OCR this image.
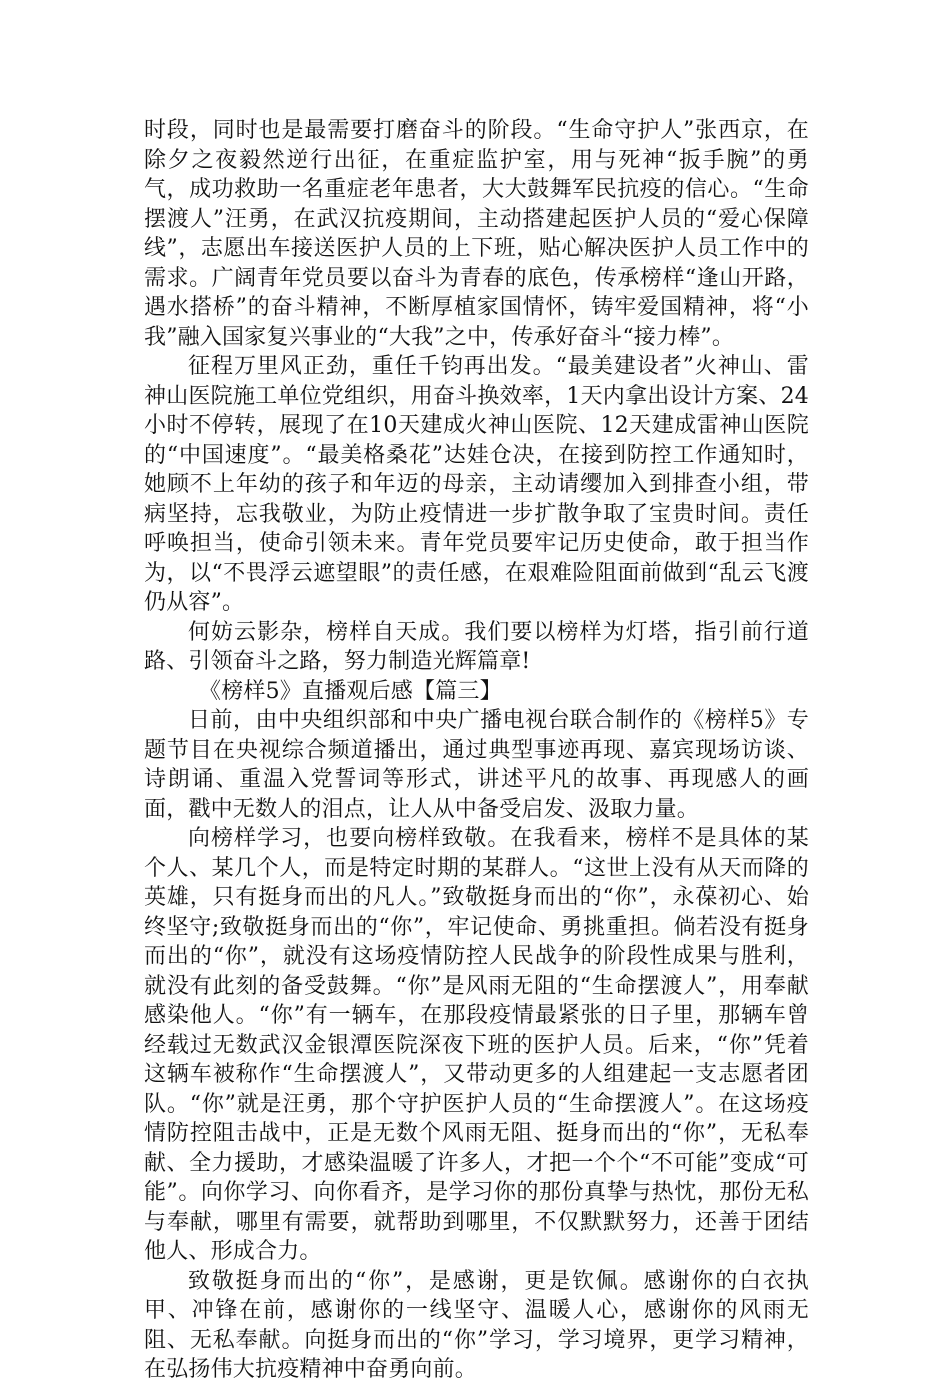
时段，同时也是最需要打磨奋斗的阶段。“生命守护人”张西京，在除夕之夜毅然逆行出征，在重症监护室，用与死神“扳手腕”的勇气，成功救助一名重症老年患者，大大鼓舞军民抗疫的信心。“生命摆渡人”汪勇，在武汉抗疫期间，主动搭建起医护人员的“爱心保障线”，志愿出车接送医护人员的上下班，贴心解决医护人员工作中的需求。广阔青年党员要以奋斗为青春的底色，传承榜样“逢山开路，遇水搭桥”的奋斗精神，不断厚植家国情怀，铸牢爱国精神，将“小我”融入国家复兴事业的“大我”之中，传承好奋斗“接力棒”。

征程万里风正劲，重任千钧再出发。“最美建设者”火神山、雷神山医院施工单位党组织，用奋斗换效率，1天内拿出设计方案、24小时不停转，展现了在10天建成火神山医院、12天建成雷神山医院的“中国速度”。“最美格桑花”达娃仓决，在接到防控工作通知时，她顾不上年幼的孩子和年迈的母亲，主动请缨加入到排查小组，带病坚持，忘我敬业，为防止疫情进一步扩散争取了宝贵时间。责任呼唤担当，使命引领未来。青年党员要牢记历史使命，敢于担当作为，以“不畏浮云遮望眼”的责任感，在艰难险阻面前做到“乱云飞渡仍从容”。

何妨云影杂，榜样自天成。我们要以榜样为灯塔，指引前行道路、引领奋斗之路，努力制造光辉篇章!

《榜样5》直播观后感【篇三】

日前，由中央组织部和中央广播电视台联合制作的《榜样5》专题节目在央视综合频道播出，通过典型事迹再现、嘉宾现场访谈、诗朗诵、重温入党誓词等形式，讲述平凡的故事、再现感人的画面，戳中无数人的泪点，让人从中备受启发、汲取力量。

向榜样学习，也要向榜样致敬。在我看来，榜样不是具体的某个人、某几个人，而是特定时期的某群人。“这世上没有从天而降的英雄，只有挺身而出的凡人。”致敬挺身而出的“你”，永葆初心、始终坚守;致敬挺身而出的“你”，牢记使命、勇挑重担。倘若没有挺身而出的“你”，就没有这场疫情防控人民战争的阶段性成果与胜利，就没有此刻的备受鼓舞。“你”是风雨无阻的“生命摆渡人”，用奉献感染他人。“你”有一辆车，在那段疫情最紧张的日子里，那辆车曾经载过无数武汉金银潭医院深夜下班的医护人员。后来，“你”凭着这辆车被称作“生命摆渡人”，又带动更多的人组建起一支志愿者团队。“你”就是汪勇，那个守护医护人员的“生命摆渡人”。在这场疫情防控阻击战中，正是无数个风雨无阻、挺身而出的“你”，无私奉献、全力援助，才感染温暖了许多人，才把一个个“不可能”变成“可能”。向你学习、向你看齐，是学习你的那份真挚与热忱，那份无私与奉献，哪里有需要，就帮助到哪里，不仅默默努力，还善于团结他人、形成合力。

致敬挺身而出的“你”，是感谢，更是钦佩。感谢你的白衣执甲、冲锋在前，感谢你的一线坚守、温暖人心，感谢你的风雨无阻、无私奉献。向挺身而出的“你”学习，学习境界，更学习精神，在弘扬伟大抗疫精神中奋勇向前。
